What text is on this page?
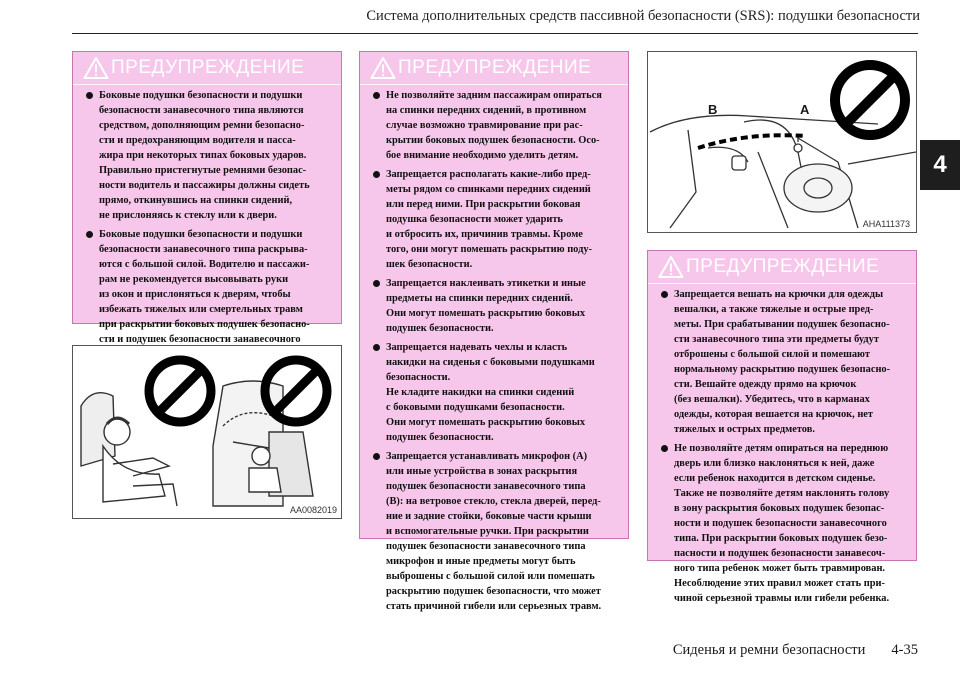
Система дополнительных средств пассивной безопасности (SRS): подушки безопасности
4
ПРЕДУПРЕЖДЕНИЕ
Боковые подушки безопасности и подушки
безопасности занавесочного типа являются
средством, дополняющим ремни безопасно-
сти и предохраняющим водителя и пасса-
жира при некоторых типах боковых ударов.
Правильно пристегнутые ремнями безопас-
ности водитель и пассажиры должны сидеть
прямо, откинувшись на спинки сидений,
не прислоняясь к стеклу или к двери.
Боковые подушки безопасности и подушки
безопасности занавесочного типа раскрыва-
ются с большой силой. Водителю и пассажи-
рам не рекомендуется высовывать руки
из окон и прислоняться к дверям, чтобы
избежать тяжелых или смертельных травм
при раскрытии боковых подушек безопасно-
сти и подушек безопасности занавесочного
AA0082019
ПРЕДУПРЕЖДЕНИЕ
Не позволяйте задним пассажирам опираться
на спинки передних сидений, в противном
случае возможно травмирование при рас-
крытии боковых подушек безопасности. Осо-
бое внимание необходимо уделить детям.
Запрещается располагать какие-либо пред-
меты рядом со спинками передних сидений
или перед ними. При раскрытии боковая
подушка безопасности может ударить
и отбросить их, причинив травмы. Кроме
того, они могут помешать раскрытию поду-
шек безопасности.
Запрещается наклеивать этикетки и иные
предметы на спинки передних сидений.
Они могут помешать раскрытию боковых
подушек безопасности.
Запрещается надевать чехлы и класть
накидки на сиденья с боковыми подушками
безопасности.
Не кладите накидки на спинки сидений
с боковыми подушками безопасности.
Они могут помешать раскрытию боковых
подушек безопасности.
Запрещается устанавливать микрофон (A)
или иные устройства в зонах раскрытия
подушек безопасности занавесочного типа
(B): на ветровое стекло, стекла дверей, перед-
ние и задние стойки, боковые части крыши
и вспомогательные ручки. При раскрытии
подушек безопасности занавесочного типа
микрофон и иные предметы могут быть
выброшены с большой силой или помешать
раскрытию подушек безопасности, что может
стать причиной гибели или серьезных травм.
B	A
AHA111373
ПРЕДУПРЕЖДЕНИЕ
Запрещается вешать на крючки для одежды
вешалки, а также тяжелые и острые пред-
меты. При срабатывании подушек безопасно-
сти занавесочного типа эти предметы будут
отброшены с большой силой и помешают
нормальному раскрытию подушек безопасно-
сти. Вешайте одежду прямо на крючок
(без вешалки). Убедитесь, что в карманах
одежды, которая вешается на крючок, нет
тяжелых и острых предметов.
Не позволяйте детям опираться на переднюю
дверь или близко наклоняться к ней, даже
если ребенок находится в детском сиденье.
Также не позволяйте детям наклонять голову
в зону раскрытия боковых подушек безопас-
ности и подушек безопасности занавесочного
типа. При раскрытии боковых подушек безо-
пасности и подушек безопасности занавесоч-
ного типа ребенок может быть травмирован.
Несоблюдение этих правил может стать при-
чиной серьезной травмы или гибели ребенка.
Сиденья и ремни безопасности 4-35
